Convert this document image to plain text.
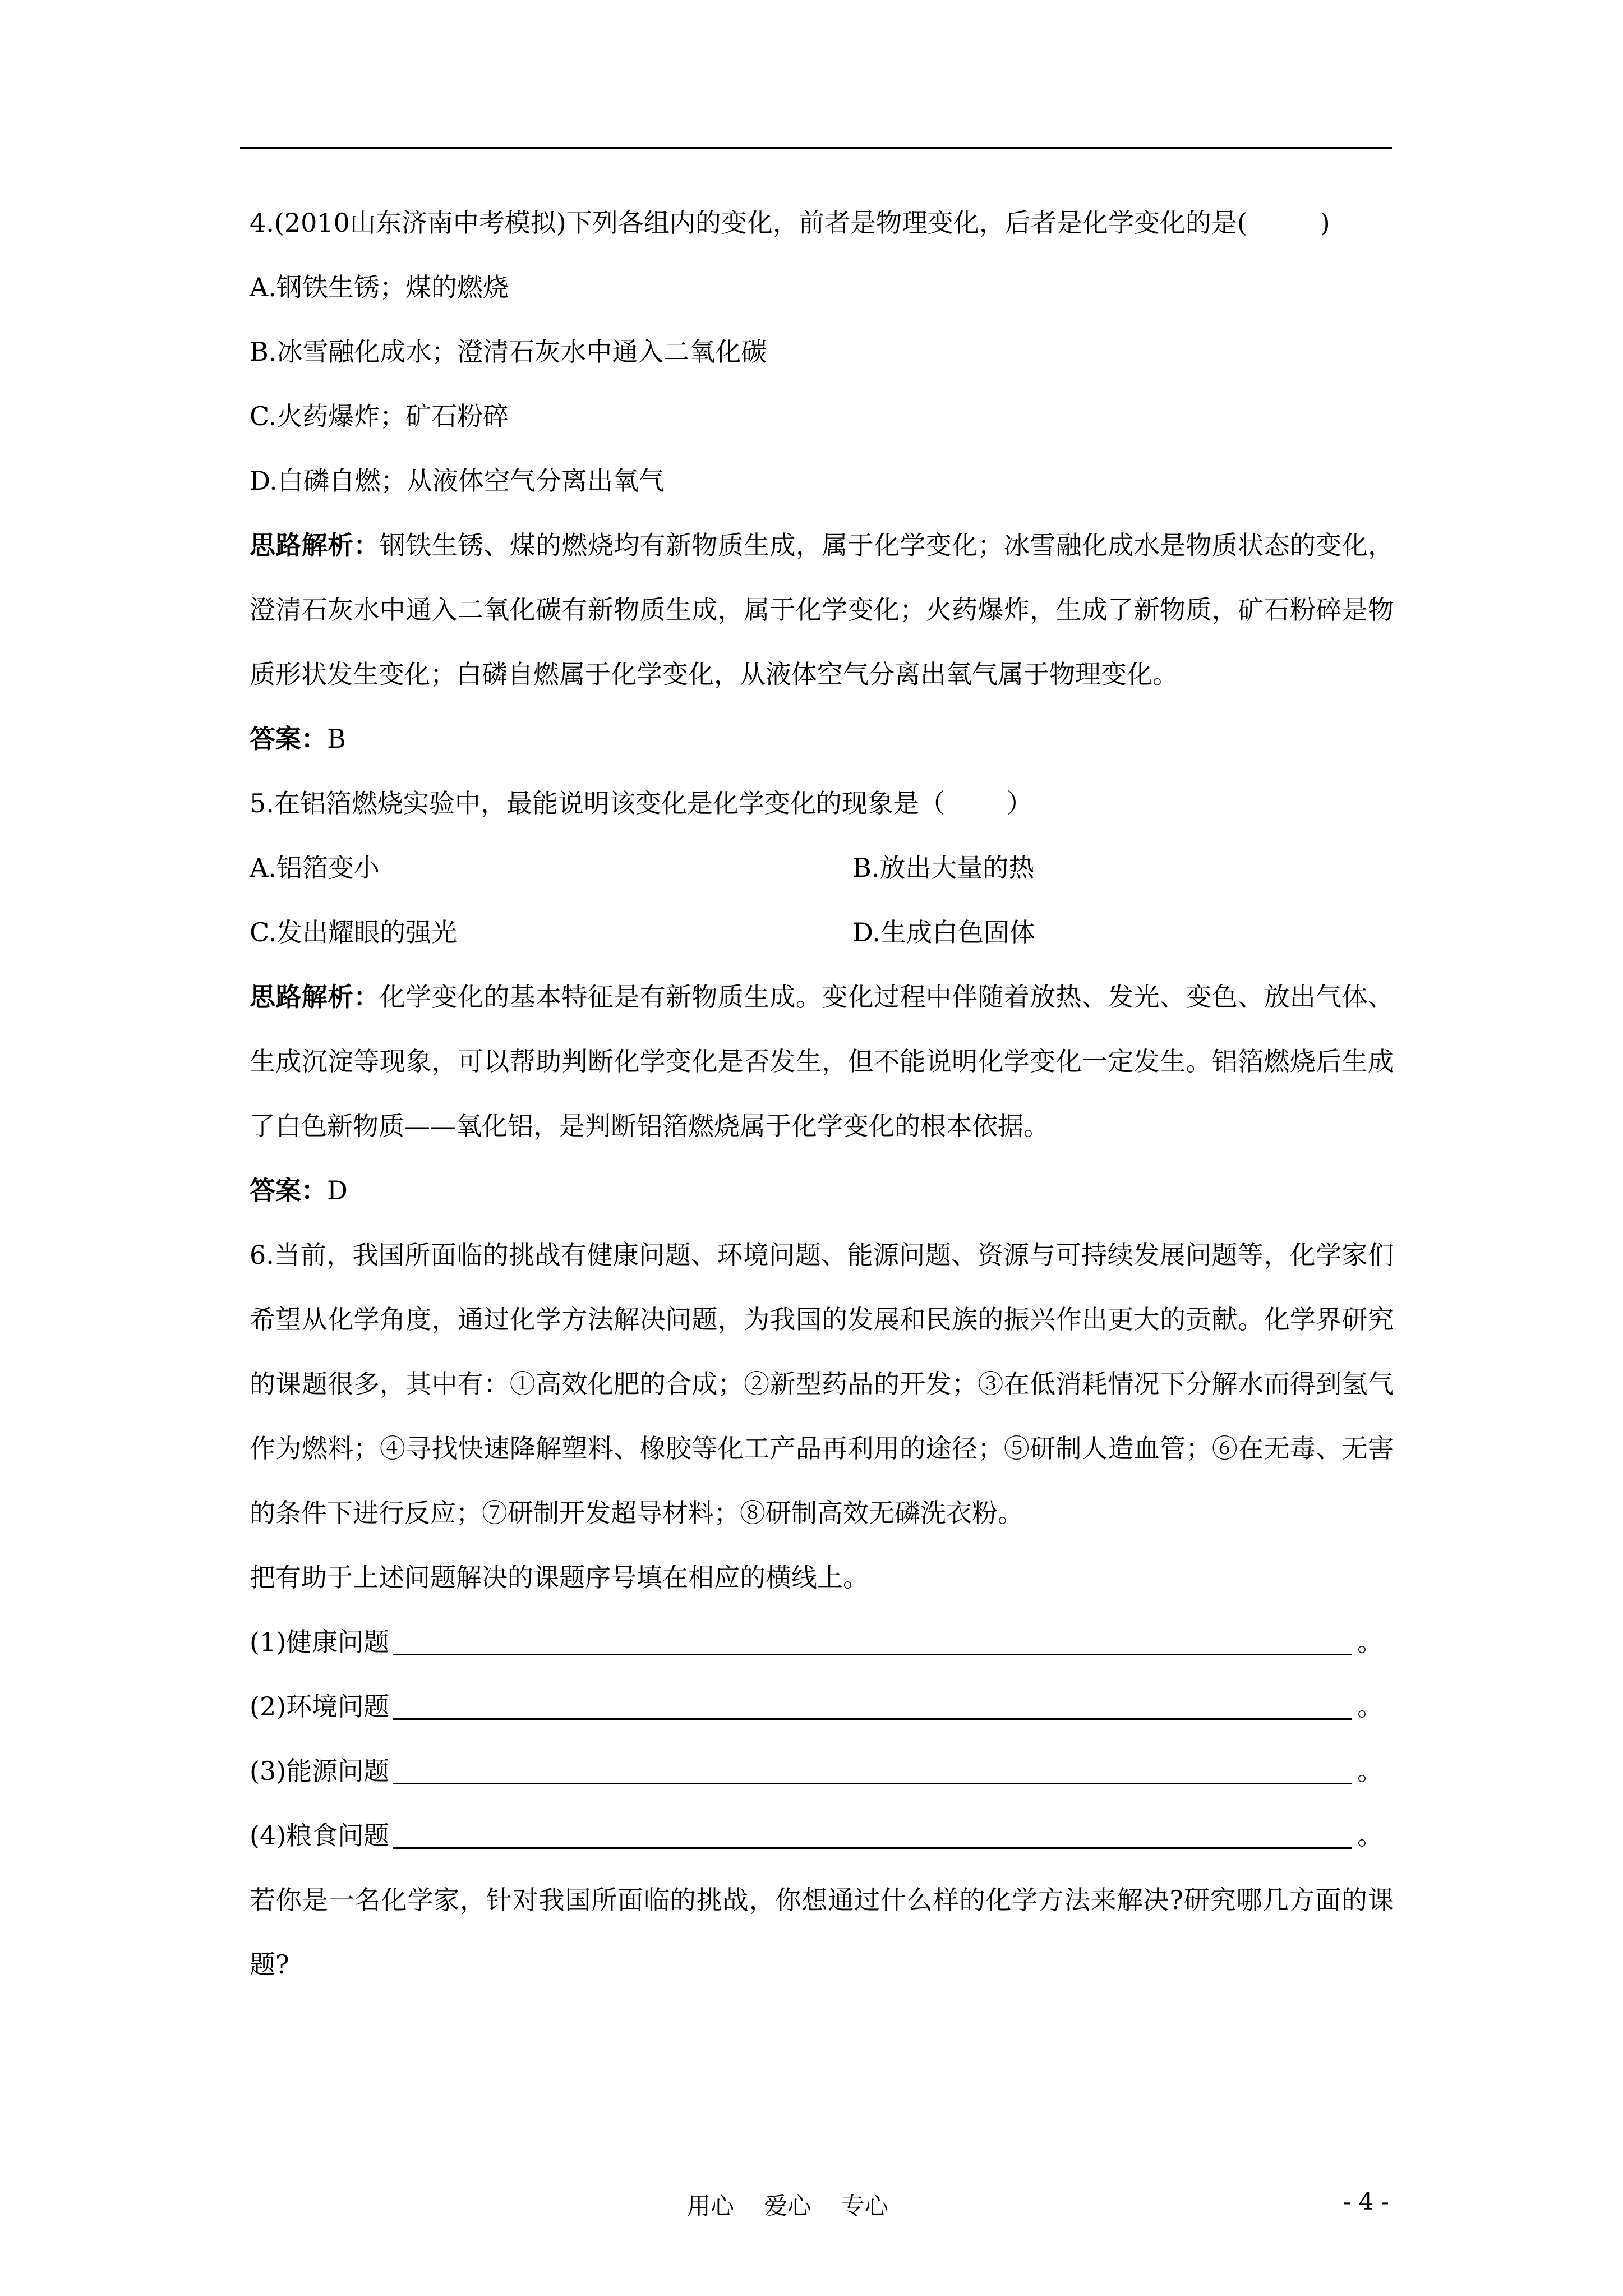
4.(2010山东济南中考模拟)下列各组内的变化，前者是物理变化，后者是化学变化的是(	)
A.钢铁生锈；煤的燃烧
B.冰雪融化成水；澄清石灰水中通入二氧化碳
C.火药爆炸；矿石粉碎
D.白磷自燃；从液体空气分离出氧气
思路解析：钢铁生锈、煤的燃烧均有新物质生成，属于化学变化；冰雪融化成水是物质状态的变化，澄清石灰水中通入二氧化碳有新物质生成，属于化学变化；火药爆炸，生成了新物质，矿石粉碎是物质形状发生变化；白磷自燃属于化学变化，从液体空气分离出氧气属于物理变化。
答案：B
5.在铝箔燃烧实验中，最能说明该变化是化学变化的现象是（ ）
A.铝箔变小	B.放出大量的热
C.发出耀眼的强光	D.生成白色固体
思路解析：化学变化的基本特征是有新物质生成。变化过程中伴随着放热、发光、变色、放出气体、生成沉淀等现象，可以帮助判断化学变化是否发生，但不能说明化学变化一定发生。铝箔燃烧后生成了白色新物质——氧化铝，是判断铝箔燃烧属于化学变化的根本依据。
答案：D
6.当前，我国所面临的挑战有健康问题、环境问题、能源问题、资源与可持续发展问题等，化学家们希望从化学角度，通过化学方法解决问题，为我国的发展和民族的振兴作出更大的贡献。化学界研究的课题很多，其中有：①高效化肥的合成；②新型药品的开发；③在低消耗情况下分解水而得到氢气作为燃料；④寻找快速降解塑料、橡胶等化工产品再利用的途径；⑤研制人造血管；⑥在无毒、无害的条件下进行反应；⑦研制开发超导材料；⑧研制高效无磷洗衣粉。
把有助于上述问题解决的课题序号填在相应的横线上。
(1)健康问题	。
(2)环境问题	。
(3)能源问题	。
(4)粮食问题	。
若你是一名化学家，针对我国所面临的挑战，你想通过什么样的化学方法来解决?研究哪几方面的课题?
用心    爱心    专心	- 4 -
